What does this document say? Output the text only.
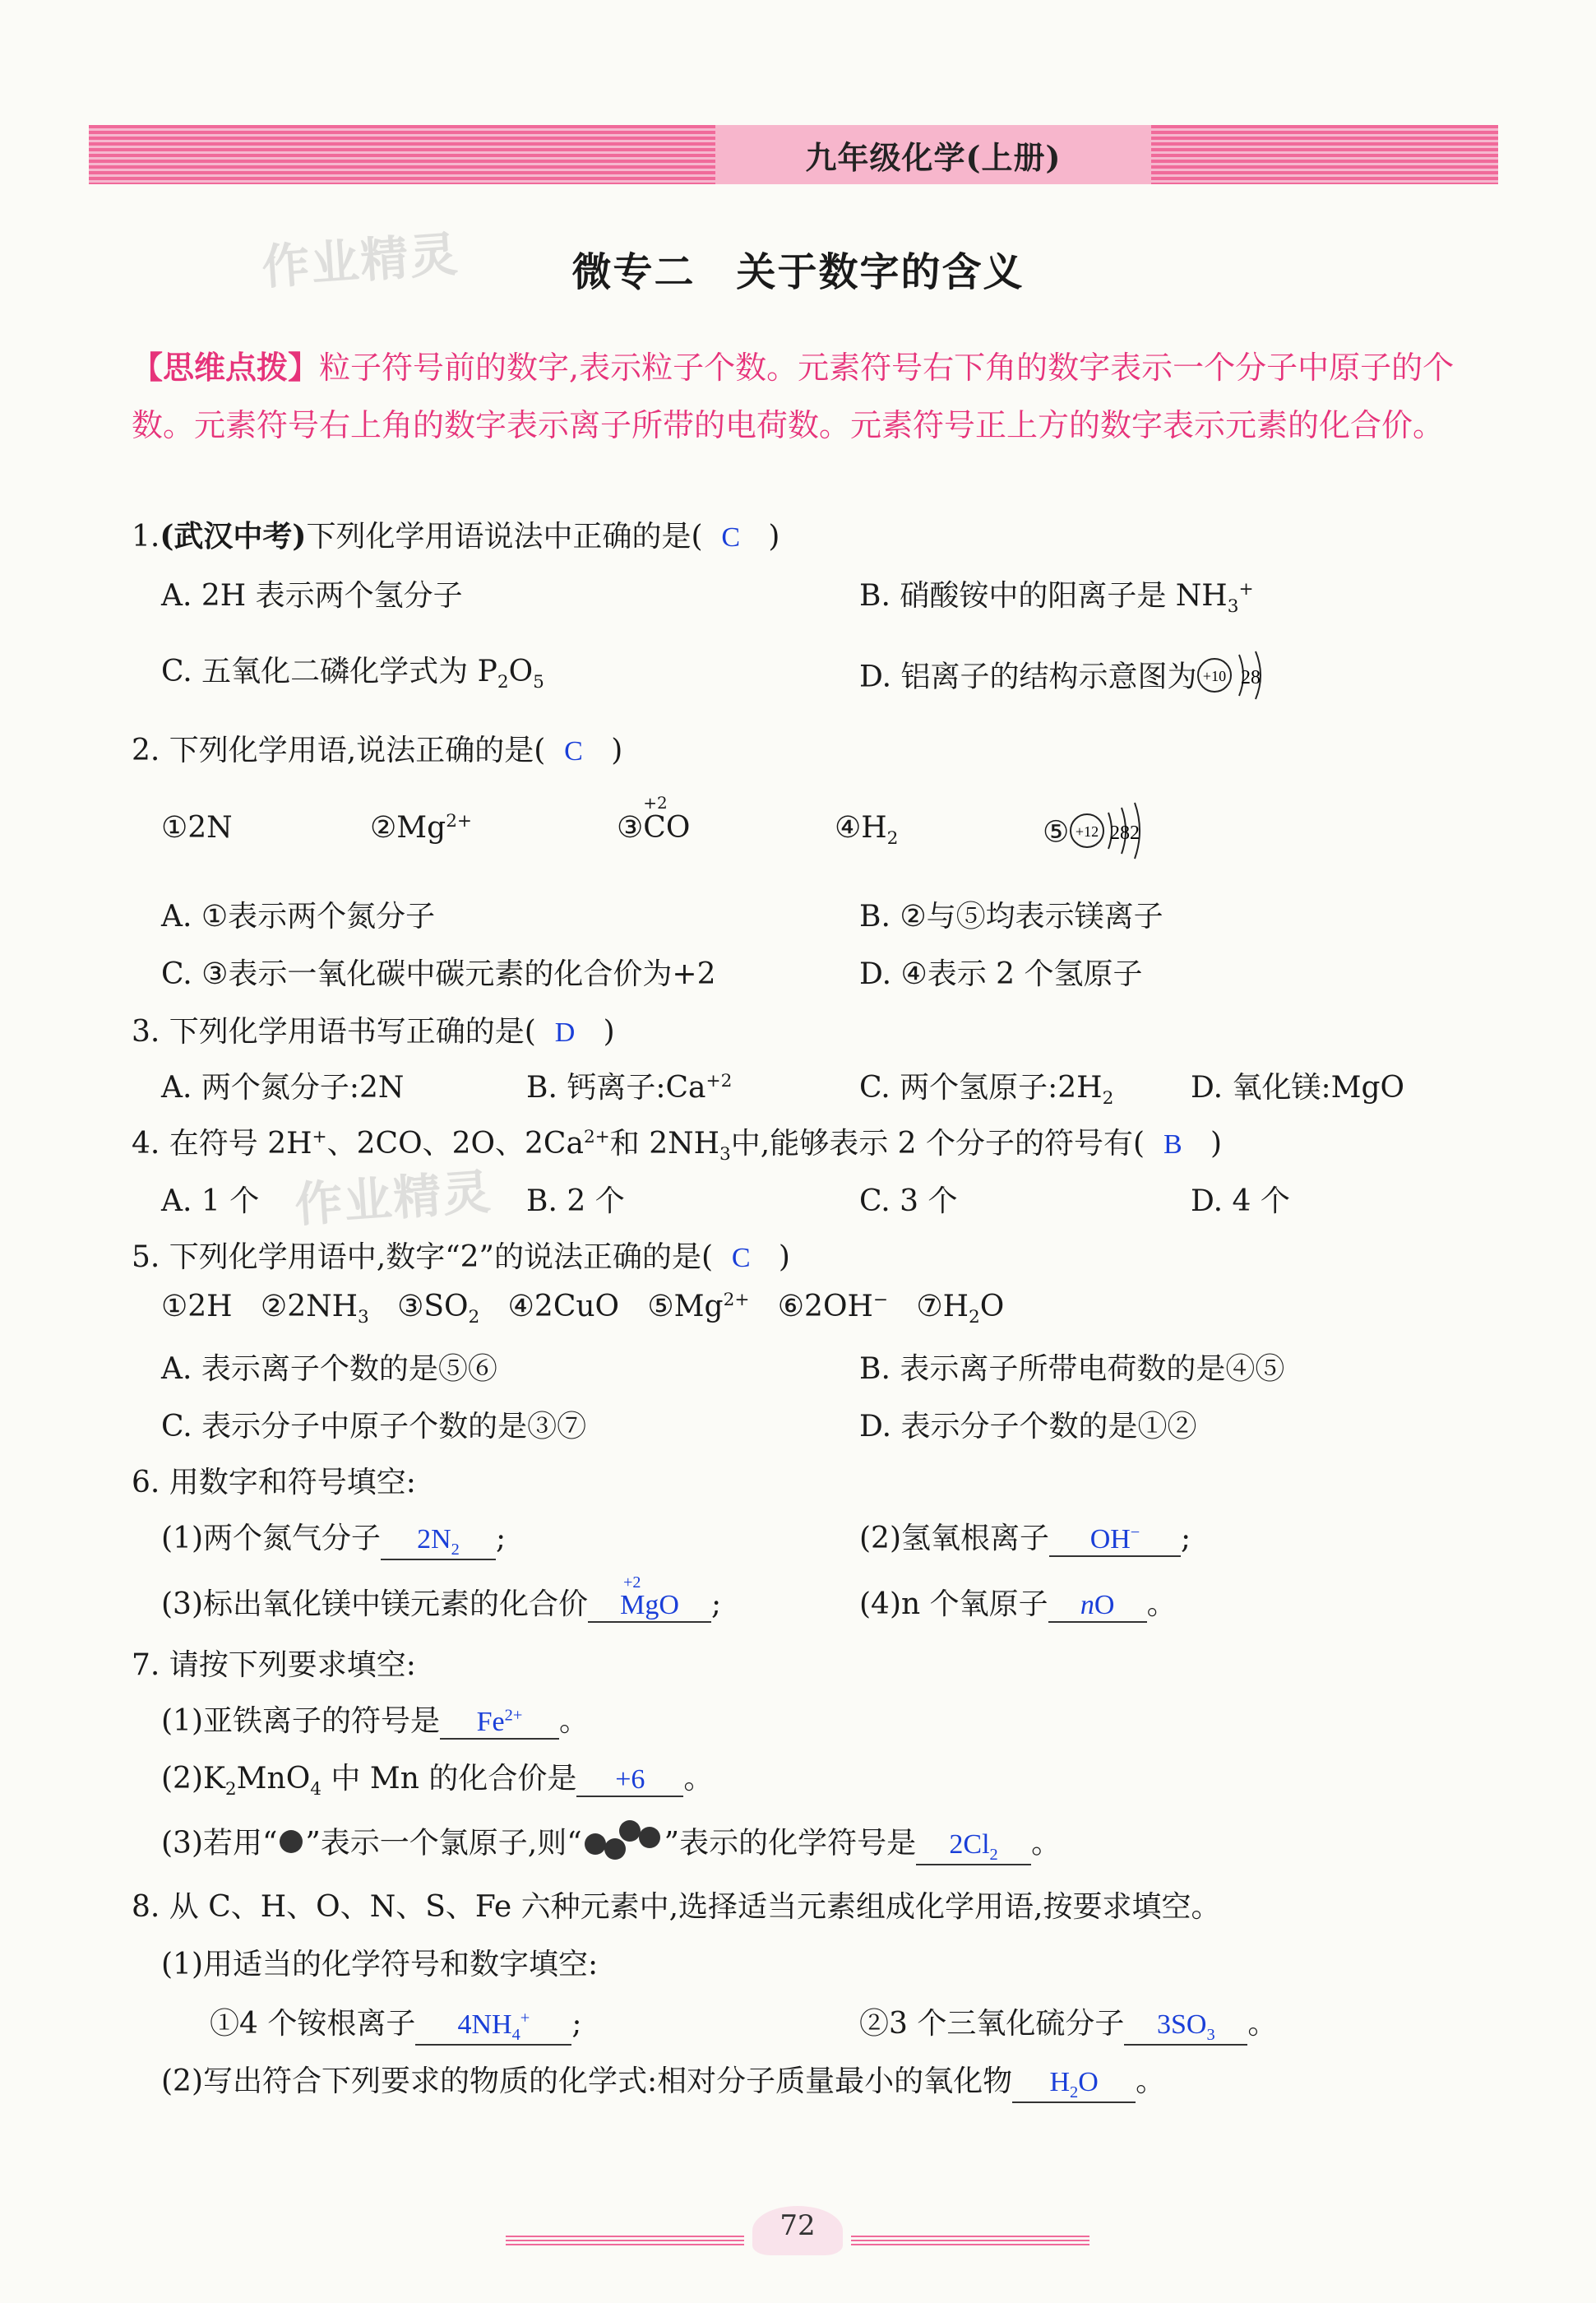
九年级化学(上册)
作业精灵
作业精灵
微专二　关于数字的含义
【思维点拨】粒子符号前的数字,表示粒子个数。元素符号右下角的数字表示一个分子中原子的个数。元素符号右上角的数字表示离子所带的电荷数。元素符号正上方的数字表示元素的化合价。
1.(武汉中考)下列化学用语说法中正确的是( C )
A. 2H 表示两个氢分子	B. 硝酸铵中的阳离子是 $NH_3^+$
C. 五氧化二磷化学式为 $P_2O_5$	D. 铝离子的结构示意图为 +10 28
2. 下列化学用语,说法正确的是( C )
①2N	$②Mg^{2+}$	③
+2
CO	$④H_2$	⑤ +12 282
A. ①表示两个氮分子	B. ②与⑤均表示镁离子
C. ③表示一氧化碳中碳元素的化合价为+2	D. ④表示 2 个氢原子
3. 下列化学用语书写正确的是( D )
A. 两个氮分子:2N	B. 钙离子$:Ca^{+2}$	C. 两个氢原子$:2H_2$	D. 氧化镁:MgO
4. 在符号 2H+、2CO、2O、$2Ca^{2+}$和 $2NH_3$中,能够表示 2 个分子的符号有( B )
A. 1 个	B. 2 个	C. 3 个	D. 4 个
5. 下列化学用语中,数字“2”的说法正确的是( C )
①2H $②2NH_3$ $③SO_2$ ④2CuO $⑤Mg^{2+}$ ⑥2OH− $⑦H_2O$
A. 表示离子个数的是⑤⑥	B. 表示离子所带电荷数的是④⑤
C. 表示分子中原子个数的是③⑦	D. 表示分子个数的是①②
6. 用数字和符号填空:
(1)两个氮气分子 $2N_2$ ;	(2)氢氧根离子 OH− ;
(3)标出氧化镁中镁元素的化合价
+2
MgO ;	(4)n 个氧原子 nO 。
7. 请按下列要求填空:
(1)亚铁离子的符号是 $Fe^{2+}$ 。
$(2)K_2MnO_4$ 中 Mn 的化合价是 +6 。
(3)若用“ ”表示一个氯原子,则“	”表示的化学符号是 $2Cl_2$ 。
8. 从 C、H、O、N、S、Fe 六种元素中,选择适当元素组成化学用语,按要求填空。
(1)用适当的化学符号和数字填空:
①4 个铵根离子 $4NH_4^+$ ;	②3 个三氧化硫分子 $3SO_3$ 。
(2)写出符合下列要求的物质的化学式:相对分子质量最小的氧化物 $H_2O$ 。
72
